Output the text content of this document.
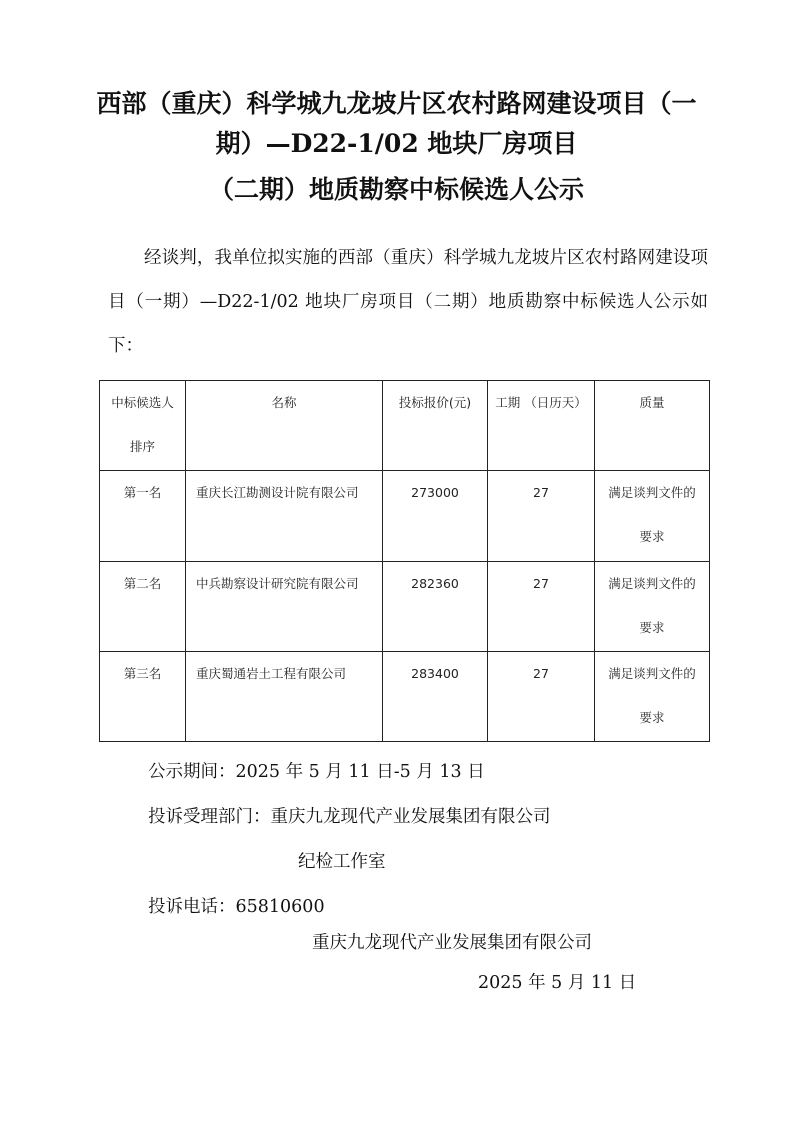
西部（重庆）科学城九龙坡片区农村路网建设项目（一
期）—D22-1/02 地块厂房项目
（二期）地质勘察中标候选人公示

经谈判，我单位拟实施的西部（重庆）科学城九龙坡片区农村路网建设项目（一期）—D22-1/02 地块厂房项目（二期）地质勘察中标候选人公示如下：

中标候选人排序	名称	投标报价(元)	工期 （日历天）	质量
第一名	重庆长江勘测设计院有限公司	273000	27	满足谈判文件的要求
第二名	中兵勘察设计研究院有限公司	282360	27	满足谈判文件的要求
第三名	重庆蜀通岩土工程有限公司	283400	27	满足谈判文件的要求
公示期间：2025 年 5 月 11 日-5 月 13 日
投诉受理部门：重庆九龙现代产业发展集团有限公司
纪检工作室
投诉电话：65810600
重庆九龙现代产业发展集团有限公司
2025 年 5 月 11 日
